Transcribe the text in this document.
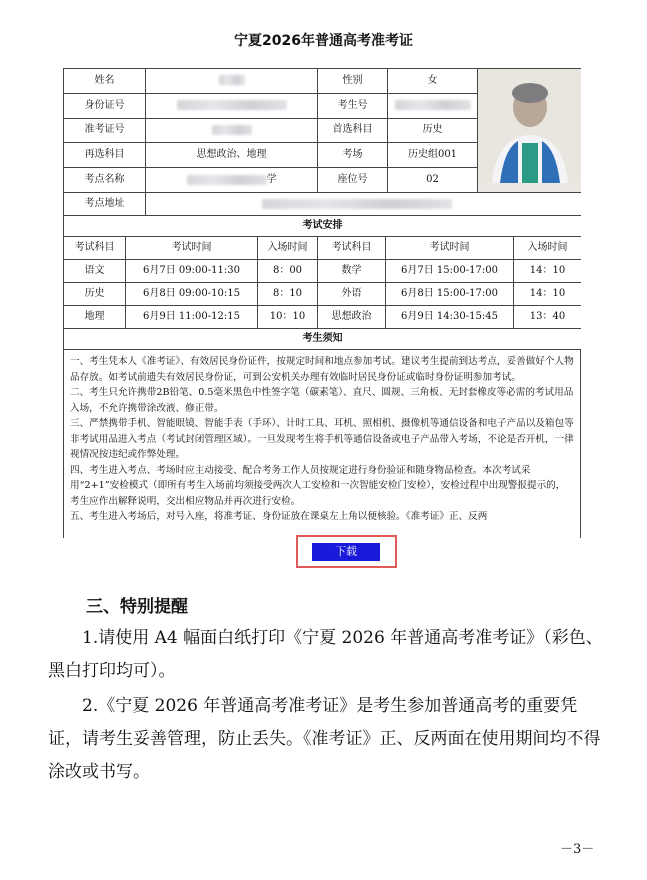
宁夏2026年普通高考准考证
姓名		性别	女	
身份证号		考生号		
准考证号		首选科目	历史	
再选科目	思想政治、地理	考场	历史组001	
考点名称	学	座位号	02	
考点地址				
考试安排					
考试科目	考试时间	入场时间	考试科目	考试时间	入场时间
语文	6月7日 09:00-11:30	8：00	数学	6月7日 15:00-17:00	14：10
历史	6月8日 09:00-10:15	8：10	外语	6月8日 15:00-17:00	14：10
地理	6月9日 11:00-12:15	10：10	思想政治	6月9日 14:30-15:45	13：40
考生须知					

一、考生凭本人《准考证》、有效居民身份证件，按规定时间和地点参加考试。建议考生提前到达考点，妥善做好个人物品存放。如考试前遗失有效居民身份证，可到公安机关办理有效临时居民身份证或临时身份证明参加考试。

二、考生只允许携带2B铅笔、0.5毫米黑色中性签字笔（碳素笔）、直尺、圆规、三角板、无封套橡皮等必需的考试用品入场，不允许携带涂改液、修正带。

三、严禁携带手机、智能眼镜、智能手表（手环）、计时工具、耳机、照相机、摄像机等通信设备和电子产品以及箱包等非考试用品进入考点（考试封闭管理区域）。一旦发现考生将手机等通信设备或电子产品带入考场，不论是否开机，一律视情况按违纪或作弊处理。

四、考生进入考点、考场时应主动接受、配合考务工作人员按规定进行身份验证和随身物品检查。本次考试采用“2+1”安检模式（即所有考生入场前均须接受两次人工安检和一次智能安检门安检），安检过程中出现警报提示的，考生应作出解释说明，交出相应物品并再次进行安检。

五、考生进入考场后，对号入座，将准考证、身份证放在课桌左上角以便核验。《准考证》正、反两

下载
三、特别提醒
1.请使用 A4 幅面白纸打印《宁夏 2026 年普通高考准考证》（彩色、黑白打印均可）。
2.《宁夏 2026 年普通高考准考证》是考生参加普通高考的重要凭证，请考生妥善管理，防止丢失。《准考证》正、反两面在使用期间均不得涂改或书写。
－3－
